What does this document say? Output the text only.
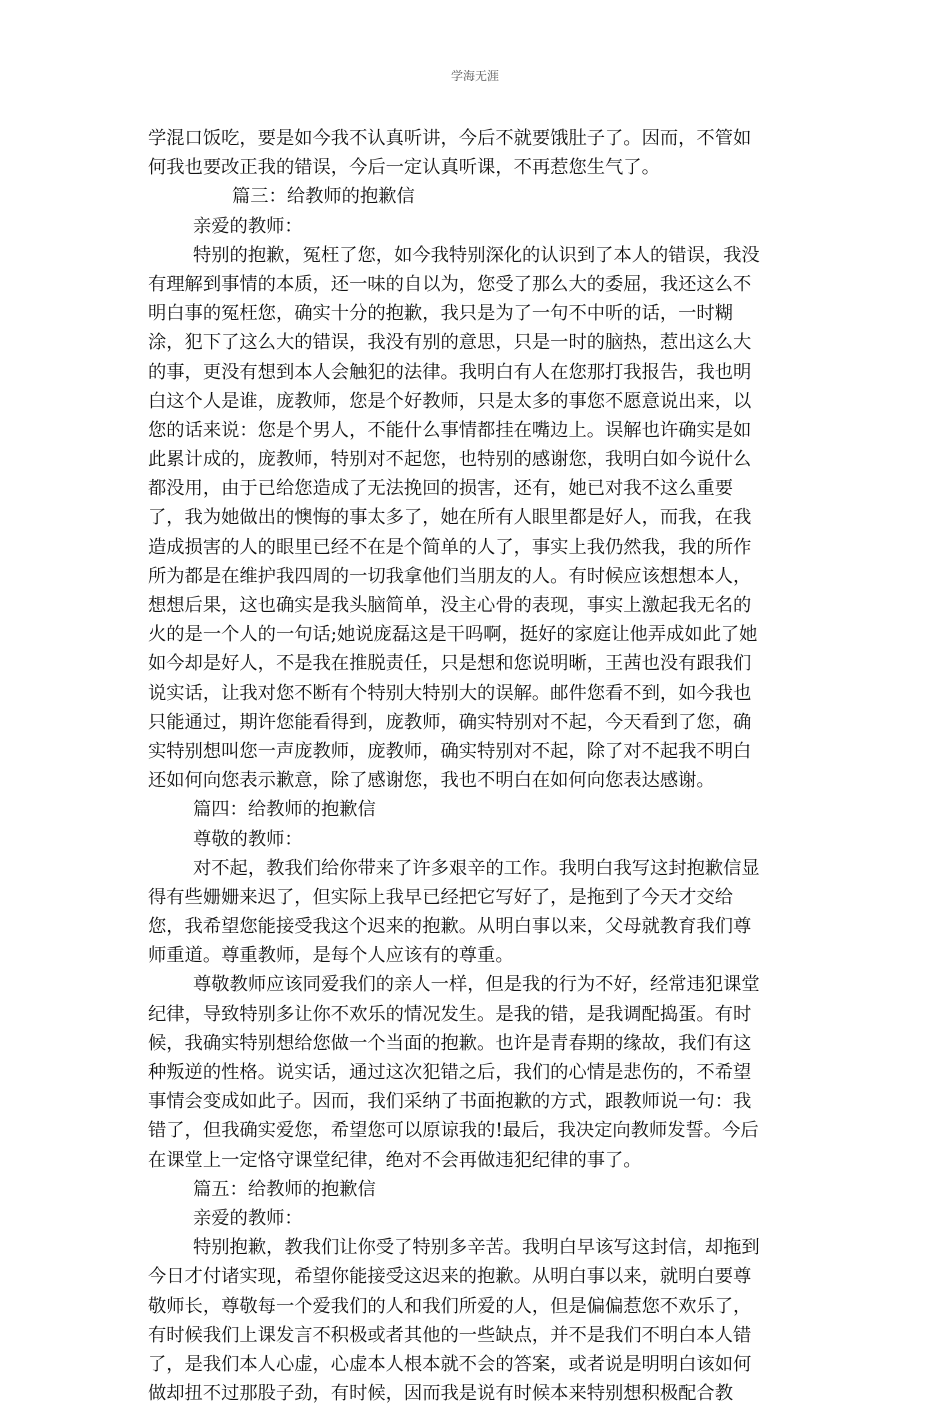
学海无涯
学混口饭吃，要是如今我不认真听讲，今后不就要饿肚子了。因而，不管如
何我也要改正我的错误，今后一定认真听课，不再惹您生气了。
篇三：给教师的抱歉信
亲爱的教师：
特别的抱歉，冤枉了您，如今我特别深化的认识到了本人的错误，我没
有理解到事情的本质，还一味的自以为，您受了那么大的委屈，我还这么不
明白事的冤枉您，确实十分的抱歉，我只是为了一句不中听的话，一时糊
涂，犯下了这么大的错误，我没有别的意思，只是一时的脑热，惹出这么大
的事，更没有想到本人会触犯的法律。我明白有人在您那打我报告，我也明
白这个人是谁，庞教师，您是个好教师，只是太多的事您不愿意说出来，以
您的话来说：您是个男人，不能什么事情都挂在嘴边上。误解也许确实是如
此累计成的，庞教师，特别对不起您，也特别的感谢您，我明白如今说什么
都没用，由于已给您造成了无法挽回的损害，还有，她已对我不这么重要
了，我为她做出的懊悔的事太多了，她在所有人眼里都是好人，而我，在我
造成损害的人的眼里已经不在是个简单的人了，事实上我仍然我，我的所作
所为都是在维护我四周的一切我拿他们当朋友的人。有时候应该想想本人，
想想后果，这也确实是我头脑简单，没主心骨的表现，事实上激起我无名的
火的是一个人的一句话;她说庞磊这是干吗啊，挺好的家庭让他弄成如此了她
如今却是好人，不是我在推脱责任，只是想和您说明晰，王茜也没有跟我们
说实话，让我对您不断有个特别大特别大的误解。邮件您看不到，如今我也
只能通过，期许您能看得到，庞教师，确实特别对不起，今天看到了您，确
实特别想叫您一声庞教师，庞教师，确实特别对不起，除了对不起我不明白
还如何向您表示歉意，除了感谢您，我也不明白在如何向您表达感谢。
篇四：给教师的抱歉信
尊敬的教师：
对不起，教我们给你带来了许多艰辛的工作。我明白我写这封抱歉信显
得有些姗姗来迟了，但实际上我早已经把它写好了，是拖到了今天才交给
您，我希望您能接受我这个迟来的抱歉。从明白事以来，父母就教育我们尊
师重道。尊重教师，是每个人应该有的尊重。
尊敬教师应该同爱我们的亲人一样，但是我的行为不好，经常违犯课堂
纪律，导致特别多让你不欢乐的情况发生。是我的错，是我调配捣蛋。有时
候，我确实特别想给您做一个当面的抱歉。也许是青春期的缘故，我们有这
种叛逆的性格。说实话，通过这次犯错之后，我们的心情是悲伤的，不希望
事情会变成如此子。因而，我们采纳了书面抱歉的方式，跟教师说一句：我
错了，但我确实爱您，希望您可以原谅我的!最后，我决定向教师发誓。今后
在课堂上一定恪守课堂纪律，绝对不会再做违犯纪律的事了。
篇五：给教师的抱歉信
亲爱的教师：
特别抱歉，教我们让你受了特别多辛苦。我明白早该写这封信，却拖到
今日才付诸实现，希望你能接受这迟来的抱歉。从明白事以来，就明白要尊
敬师长，尊敬每一个爱我们的人和我们所爱的人，但是偏偏惹您不欢乐了，
有时候我们上课发言不积极或者其他的一些缺点，并不是我们不明白本人错
了，是我们本人心虚，心虚本人根本就不会的答案，或者说是明明白该如何
做却扭不过那股子劲，有时候，因而我是说有时候本来特别想积极配合教
